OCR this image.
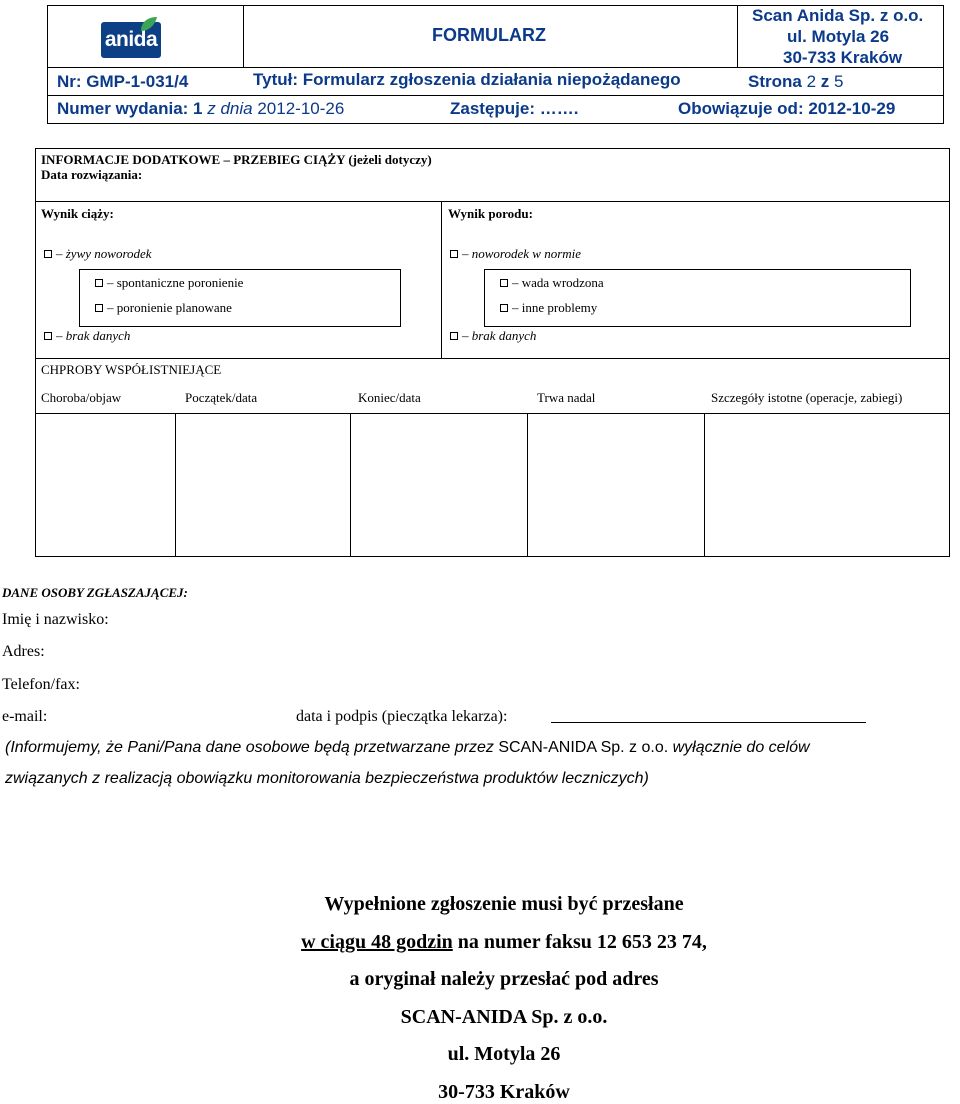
anida	FORMULARZ
Scan Anida Sp. z o.o.
ul. Motyla 26
30-733 Kraków
Nr: GMP-1-031/4	Tytuł: Formularz zgłoszenia działania niepożądanego	Strona 2 z 5
Numer wydania: 1 z dnia 2012-10-26	Zastępuje: …….	Obowiązuje od: 2012-10-29
INFORMACJE DODATKOWE – PRZEBIEG CIĄŻY (jeżeli dotyczy)
Data rozwiązania:
Wynik ciąży:	Wynik porodu:
– żywy noworodek
– spontaniczne poronienie
– poronienie planowane
– brak danych
– noworodek w normie
– wada wrodzona
– inne problemy
– brak danych
CHPROBY WSPÓŁISTNIEJĄCE
Choroba/objaw	Początek/data	Koniec/data	Trwa nadal	Szczegóły istotne (operacje, zabiegi)
DANE OSOBY ZGŁASZAJĄCEJ:
Imię i nazwisko:
Adres:
Telefon/fax:
e-mail:	data i podpis (pieczątka lekarza):
(Informujemy, że Pani/Pana dane osobowe będą przetwarzane przez SCAN-ANIDA Sp. z o.o. wyłącznie do celów
związanych z realizacją obowiązku monitorowania bezpieczeństwa produktów leczniczych)
Wypełnione zgłoszenie musi być przesłane
w ciągu 48 godzin na numer faksu 12 653 23 74,
a oryginał należy przesłać pod adres
SCAN-ANIDA Sp. z o.o.
ul. Motyla 26
30-733 Kraków
